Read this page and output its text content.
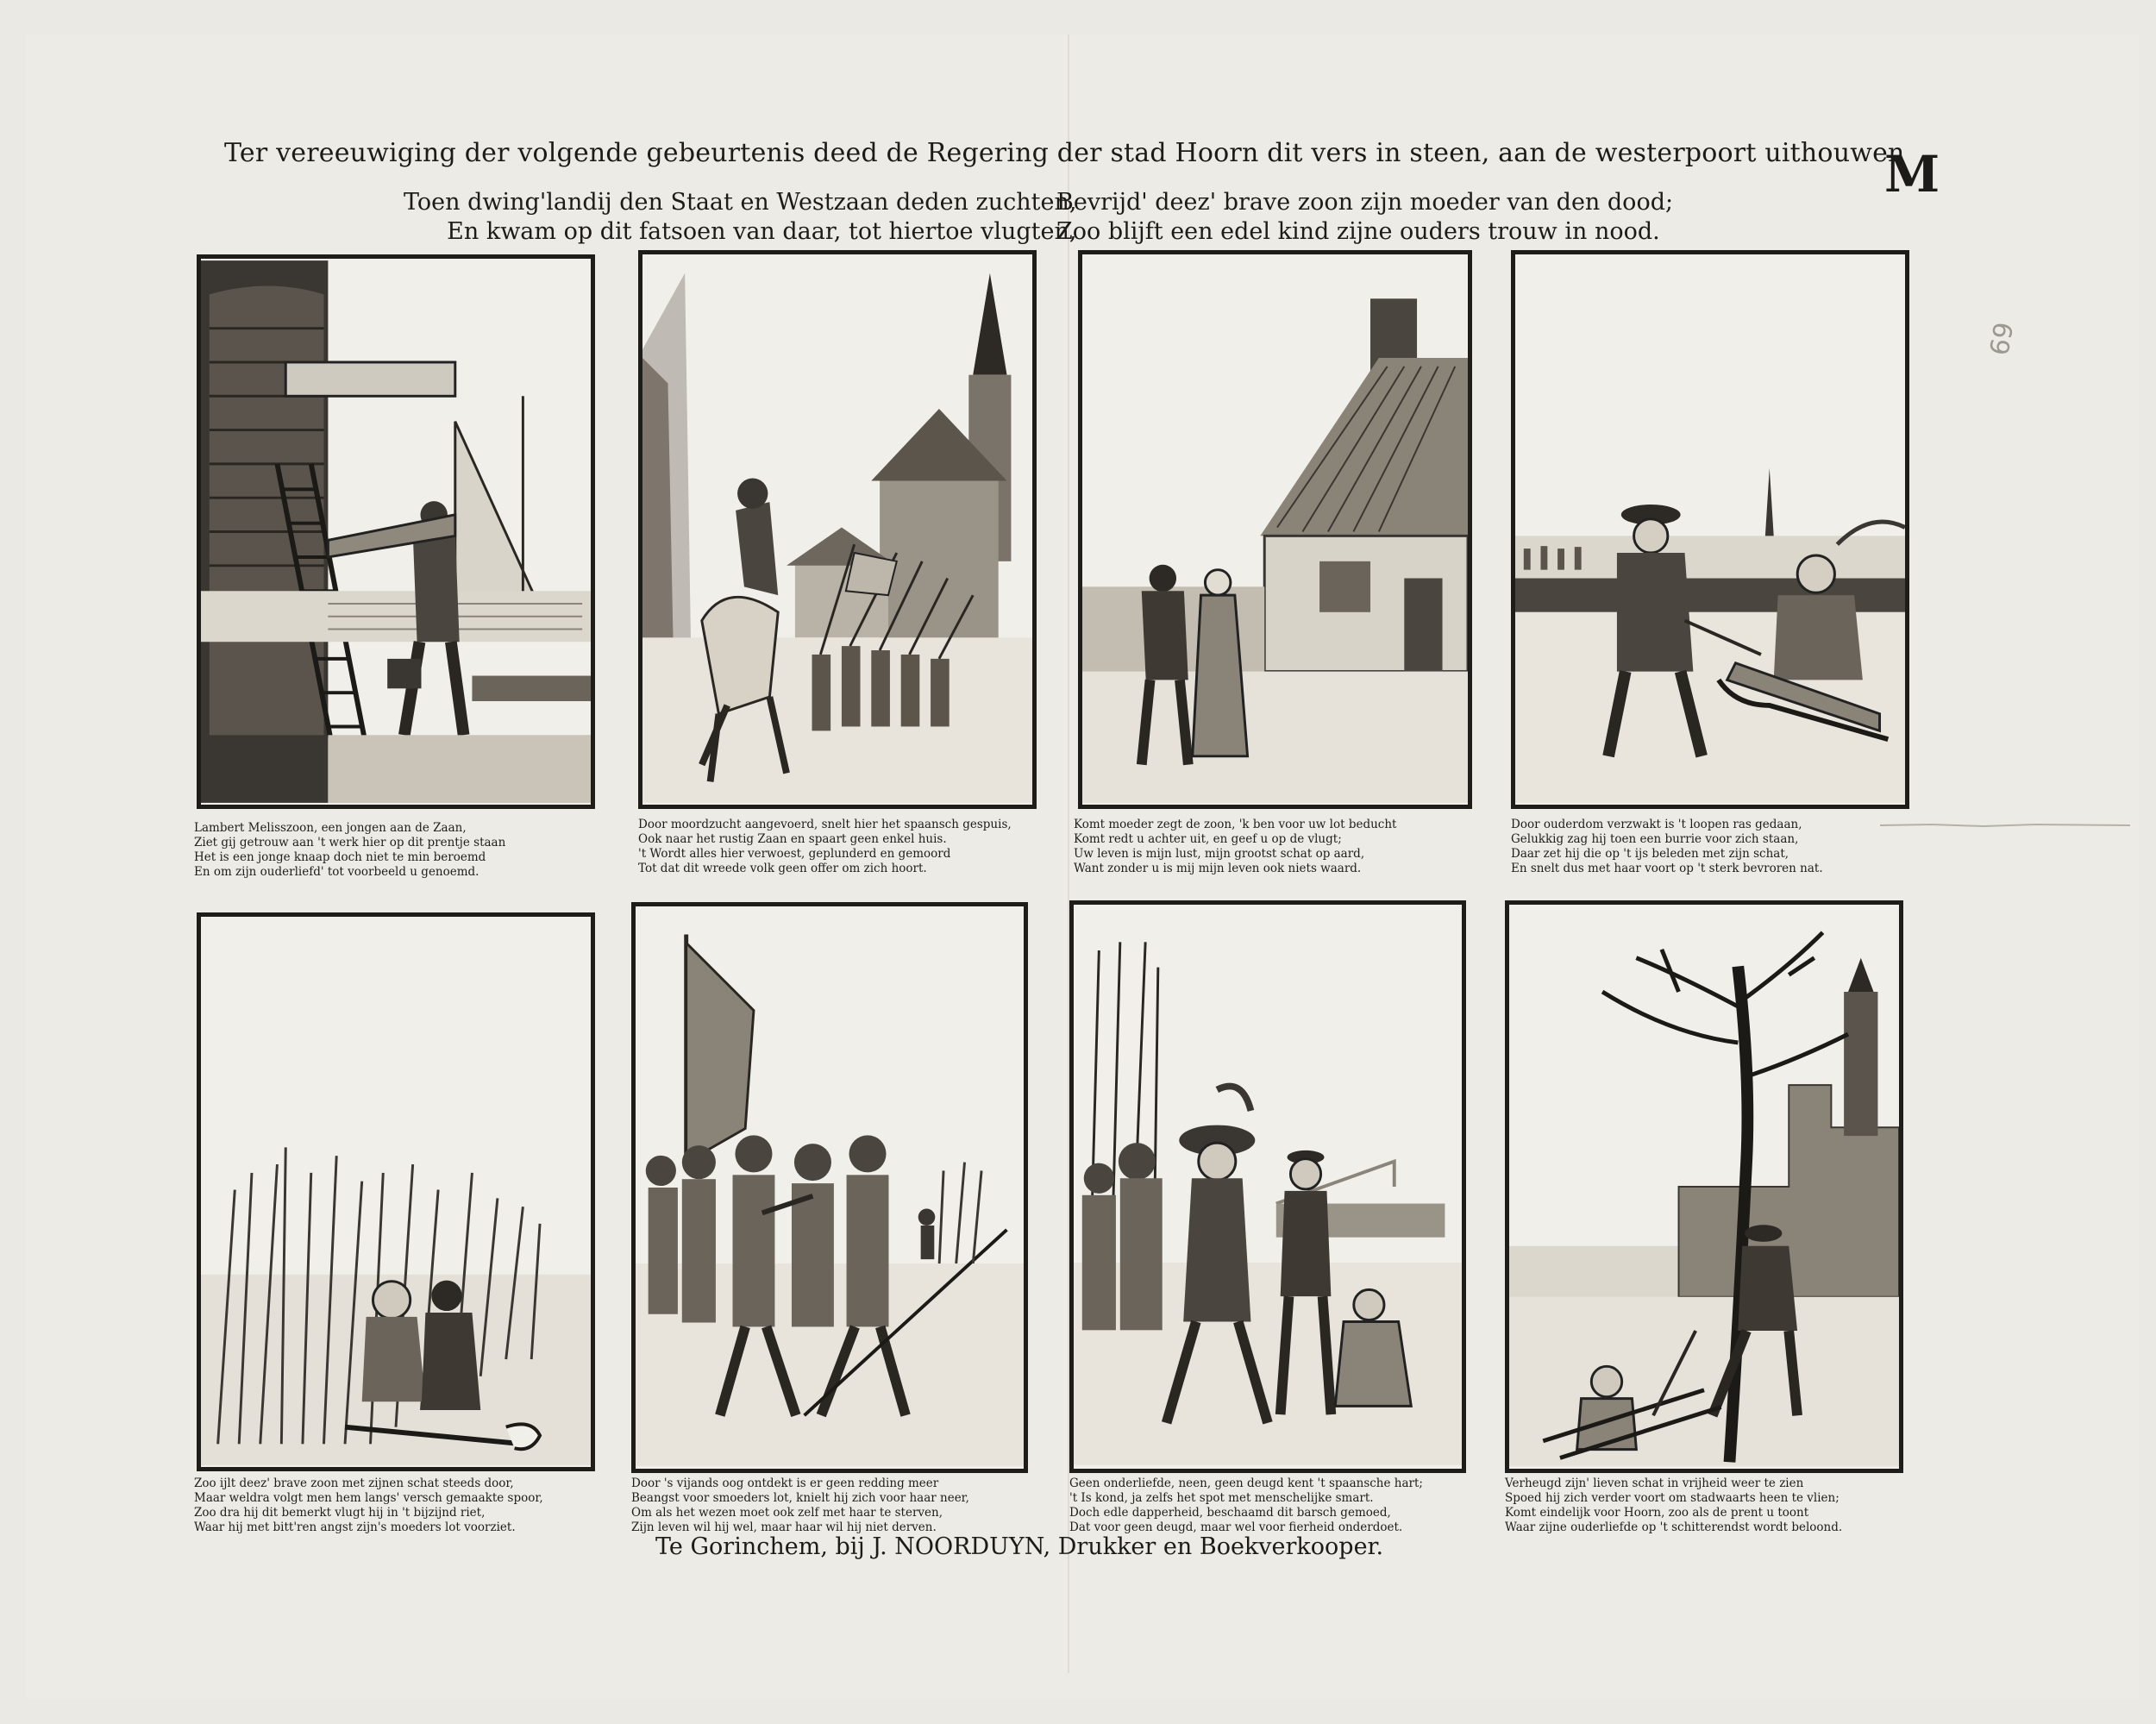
Ter vereeuwiging der volgende gebeurtenis deed de Regering der stad Hoorn dit vers in steen, aan de westerpoort uithouwen
M
Toen dwing'landij den Staat en Westzaan deden zuchten,
En kwam op dit fatsoen van daar, tot hiertoe vlugten,
Bevrijd' deez' brave zoon zijn moeder van den dood;
Zoo blijft een edel kind zijne ouders trouw in nood.
69
Lambert Melisszoon, een jongen aan de Zaan,
Ziet gij getrouw aan 't werk hier op dit prentje staan
Het is een jonge knaap doch niet te min beroemd
En om zijn ouderliefd' tot voorbeeld u genoemd.
Door moordzucht aangevoerd, snelt hier het spaansch gespuis,
Ook naar het rustig Zaan en spaart geen enkel huis.
't Wordt alles hier verwoest, geplunderd en gemoord
Tot dat dit wreede volk geen offer om zich hoort.
Komt moeder zegt de zoon, 'k ben voor uw lot beducht
Komt redt u achter uit, en geef u op de vlugt;
Uw leven is mijn lust, mijn grootst schat op aard,
Want zonder u is mij mijn leven ook niets waard.
Door ouderdom verzwakt is 't loopen ras gedaan,
Gelukkig zag hij toen een burrie voor zich staan,
Daar zet hij die op 't ijs beleden met zijn schat,
En snelt dus met haar voort op 't sterk bevroren nat.
Zoo ijlt deez' brave zoon met zijnen schat steeds door,
Maar weldra volgt men hem langs' versch gemaakte spoor,
Zoo dra hij dit bemerkt vlugt hij in 't bijzijnd riet,
Waar hij met bitt'ren angst zijn's moeders lot voorziet.
Door 's vijands oog ontdekt is er geen redding meer
Beangst voor smoeders lot, knielt hij zich voor haar neer,
Om als het wezen moet ook zelf met haar te sterven,
Zijn leven wil hij wel, maar haar wil hij niet derven.
Geen onderliefde, neen, geen deugd kent 't spaansche hart;
't Is kond, ja zelfs het spot met menschelijke smart.
Doch edle dapperheid, beschaamd dit barsch gemoed,
Dat voor geen deugd, maar wel voor fierheid onderdoet.
Verheugd zijn' lieven schat in vrijheid weer te zien
Spoed hij zich verder voort om stadwaarts heen te vlien;
Komt eindelijk voor Hoorn, zoo als de prent u toont
Waar zijne ouderliefde op 't schitterendst wordt beloond.
Te Gorinchem, bij J. NOORDUYN, Drukker en Boekverkooper.
